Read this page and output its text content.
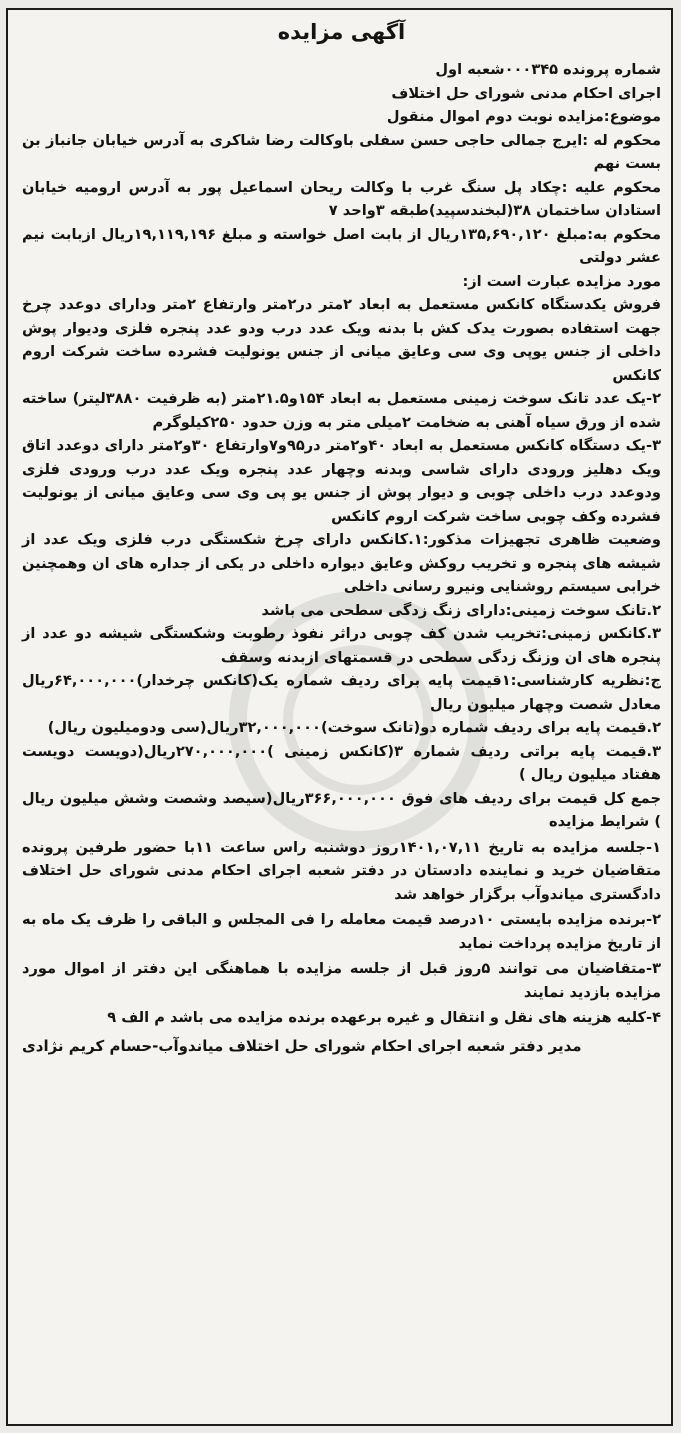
آگهی مزایده

شماره پرونده ۰۰۰۳۴۵شعبه اول

اجرای احکام مدنی شورای حل اختلاف

موضوع:مزایده نوبت دوم اموال منقول

محکوم له :ایرج جمالی حاجی حسن سفلی باوکالت رضا شاکری به آدرس خیابان جانباز بن بست نهم

محکوم علیه :چکاد پل سنگ غرب با وکالت ریحان اسماعیل پور به آدرس ارومیه خیابان استادان ساختمان ۳۸(لبخندسپید)طبقه ۳واحد ۷

محکوم به:مبلغ ۱۳۵,۶۹۰,۱۲۰ریال از بابت اصل خواسته و مبلغ ۱۹,۱۱۹,۱۹۶ریال ازبابت نیم عشر دولتی

مورد مزایده عبارت است از:

فروش یکدستگاه کانکس مستعمل به ابعاد ۲متر در۲متر وارتفاع ۲متر ودارای دوعدد چرخ جهت استفاده بصورت یدک کش با بدنه ویک عدد درب ودو عدد پنجره فلزی ودیوار پوش داخلی از جنس یوپی وی سی وعایق میانی از جنس یونولیت فشرده ساخت شرکت اروم کانکس

۲-یک عدد تانک سوخت زمینی مستعمل به ابعاد ۱۵۴و۲۱.۵متر (به ظرفیت ۳۸۸۰لیتر) ساخته شده از ورق سیاه آهنی به ضخامت ۲میلی متر به وزن حدود ۲۵۰کیلوگرم

۳-یک دستگاه کانکس مستعمل به ابعاد ۴۰و۲متر در۹۵و۷وارتفاع ۳۰و۲متر دارای دوعدد اتاق ویک دهلیز ورودی دارای شاسی وبدنه وچهار عدد پنجره ویک عدد درب ورودی فلزی ودوعدد درب داخلی چوبی و دیوار پوش از جنس یو پی وی سی وعایق میانی از یونولیت فشرده وکف چوبی ساخت شرکت اروم کانکس

وضعیت ظاهری تجهیزات مذکور:۱.کانکس دارای چرخ شکستگی درب فلزی ویک عدد از شیشه های پنجره و تخریب روکش وعایق دیواره داخلی در یکی از جداره های ان وهمچنین خرابی سیستم روشنایی ونیرو رسانی داخلی

۲.تانک سوخت زمینی:دارای زنگ زدگی سطحی می باشد

۳.کانکس زمینی:تخریب شدن کف چوبی دراثر نفوذ رطوبت وشکستگی شیشه دو عدد از پنجره های ان وزنگ زدگی سطحی در قسمتهای ازبدنه وسقف

ج:نظریه کارشناسی:۱قیمت پایه برای ردیف شماره یک(کانکس چرخدار)۶۴,۰۰۰,۰۰۰ریال معادل شصت وچهار میلیون ریال

۲.قیمت پایه برای ردیف شماره دو(تانک سوخت)۳۲,۰۰۰,۰۰۰ریال(سی ودومیلیون ریال)

۳.قیمت پایه براتی ردیف شماره ۳(کانکس زمینی )۲۷۰,۰۰۰,۰۰۰ریال(دویست دویست هفتاد میلیون ریال )

جمع کل قیمت برای ردیف های فوق ۳۶۶,۰۰۰,۰۰۰ریال(سیصد وشصت وشش میلیون ریال ) شرایط مزایده

۱-جلسه مزایده به تاریخ ۱۴۰۱,۰۷,۱۱روز دوشنبه راس ساعت ۱۱با حضور طرفین پرونده متقاضیان خرید و نماینده دادستان در دفتر شعبه اجرای احکام مدنی شورای حل اختلاف دادگستری میاندوآب برگزار خواهد شد

۲-برنده مزایده بایستی ۱۰درصد قیمت معامله را فی المجلس و الباقی را ظرف یک ماه به از تاریخ مزایده پرداخت نماید

۳-متقاضیان می توانند ۵روز قبل از جلسه مزایده با هماهنگی این دفتر از اموال مورد مزایده بازدید نمایند

۴-کلیه هزینه های نقل و انتقال و غیره برعهده برنده مزایده می باشد م الف ۹

مدیر دفتر شعبه اجرای احکام شورای حل اختلاف میاندوآب-حسام کریم نژادی
